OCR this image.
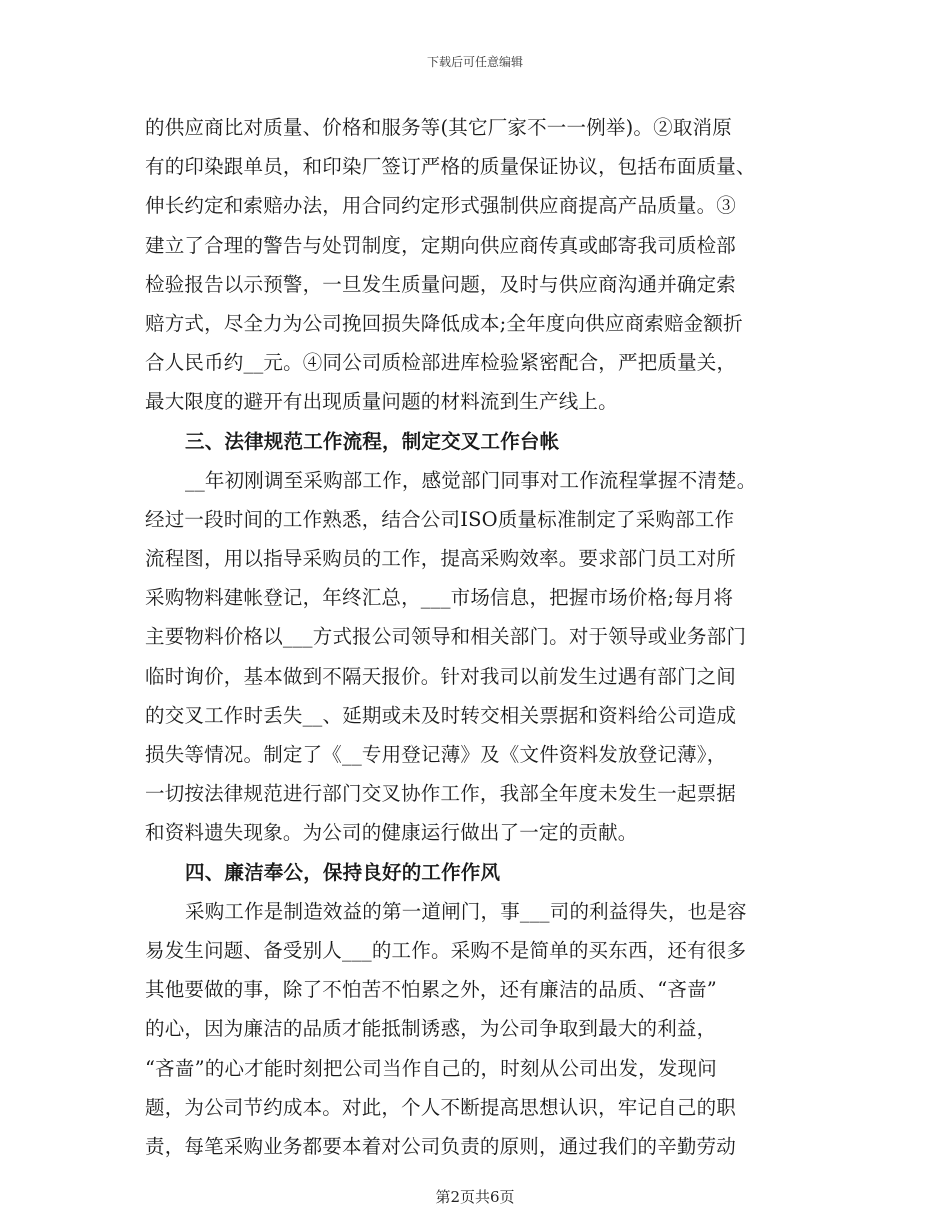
下载后可任意编辑
的供应商比对质量、价格和服务等(其它厂家不一一例举)。②取消原
有的印染跟单员，和印染厂签订严格的质量保证协议，包括布面质量、
伸长约定和索赔办法，用合同约定形式强制供应商提高产品质量。③
建立了合理的警告与处罚制度，定期向供应商传真或邮寄我司质检部
检验报告以示预警，一旦发生质量问题，及时与供应商沟通并确定索
赔方式，尽全力为公司挽回损失降低成本;全年度向供应商索赔金额折
合人民币约__元。④同公司质检部进库检验紧密配合，严把质量关，
最大限度的避开有出现质量问题的材料流到生产线上。
三、法律规范工作流程，制定交叉工作台帐
__年初刚调至采购部工作，感觉部门同事对工作流程掌握不清楚。
经过一段时间的工作熟悉，结合公司ISO质量标准制定了采购部工作
流程图，用以指导采购员的工作，提高采购效率。要求部门员工对所
采购物料建帐登记，年终汇总，___市场信息，把握市场价格;每月将
主要物料价格以___方式报公司领导和相关部门。对于领导或业务部门
临时询价，基本做到不隔天报价。针对我司以前发生过遇有部门之间
的交叉工作时丢失__、延期或未及时转交相关票据和资料给公司造成
损失等情况。制定了《__专用登记薄》及《文件资料发放登记薄》，
一切按法律规范进行部门交叉协作工作，我部全年度未发生一起票据
和资料遗失现象。为公司的健康运行做出了一定的贡献。
四、廉洁奉公，保持良好的工作作风
采购工作是制造效益的第一道闸门，事___司的利益得失，也是容
易发生问题、备受别人___的工作。采购不是简单的买东西，还有很多
其他要做的事，除了不怕苦不怕累之外，还有廉洁的品质、“吝啬”
的心，因为廉洁的品质才能抵制诱惑，为公司争取到最大的利益，
“吝啬”的心才能时刻把公司当作自己的，时刻从公司出发，发现问
题，为公司节约成本。对此，个人不断提高思想认识，牢记自己的职
责，每笔采购业务都要本着对公司负责的原则，通过我们的辛勤劳动
第2页共6页
